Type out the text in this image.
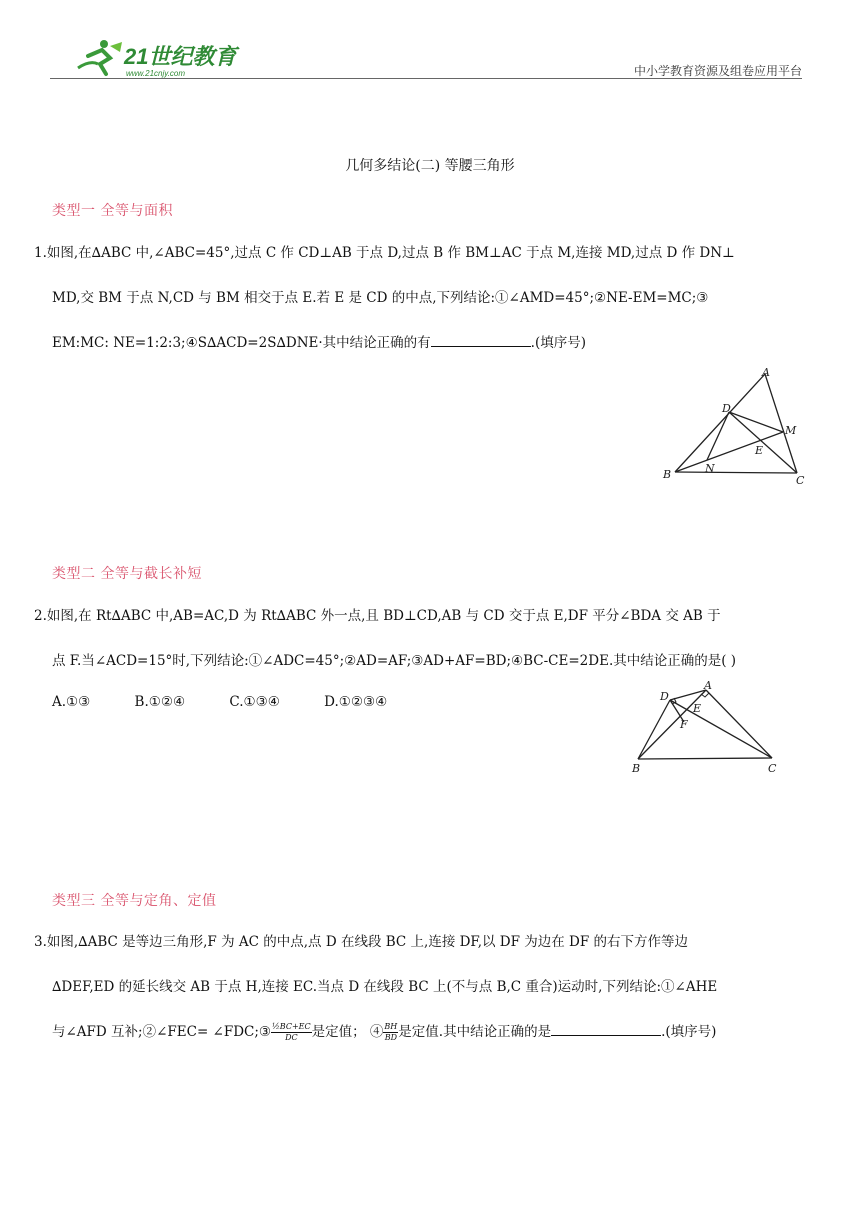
21世纪教育
www.21cnjy.com	中小学教育资源及组卷应用平台
几何多结论(二) 等腰三角形
类型一 全等与面积
1.如图,在∆ABC 中,∠ABC=45°,过点 C 作 CD⊥AB 于点 D,过点 B 作 BM⊥AC 于点 M,连接 MD,过点 D 作 DN⊥
MD,交 BM 于点 N,CD 与 BM 相交于点 E.若 E 是 CD 的中点,下列结论:①∠AMD=45°;②NE-EM=MC;③
EM:MC: NE=1:2:3;④S∆ACD=2S∆DNE·其中结论正确的有	.(填序号)
A
D
M
E
N
B	C
类型二 全等与截长补短
2.如图,在 Rt∆ABC 中,AB=AC,D 为 Rt∆ABC 外一点,且 BD⊥CD,AB 与 CD 交于点 E,DF 平分∠BDA 交 AB 于
点 F.当∠ACD=15°时,下列结论:①∠ADC=45°;②AD=AF;③AD+AF=BD;④BC-CE=2DE.其中结论正确的是( )
A.①③	B.①②④	C.①③④	D.①②③④	D
A
E
F
B	C
类型三 全等与定角、定值
3.如图,∆ABC 是等边三角形,F 为 AC 的中点,点 D 在线段 BC 上,连接 DF,以 DF 为边在 DF 的右下方作等边
∆DEF,ED 的延长线交 AB 于点 H,连接 EC.当点 D 在线段 BC 上(不与点 B,C 重合)运动时,下列结论:①∠AHE
与∠AFD 互补;②∠FEC= ∠FDC;③ $\frac{\text{½BC+EC}}{DC}$ 是定值； ④ $\frac{BH}{BD}$ 是定值.其中结论正确的是	.(填序号)
